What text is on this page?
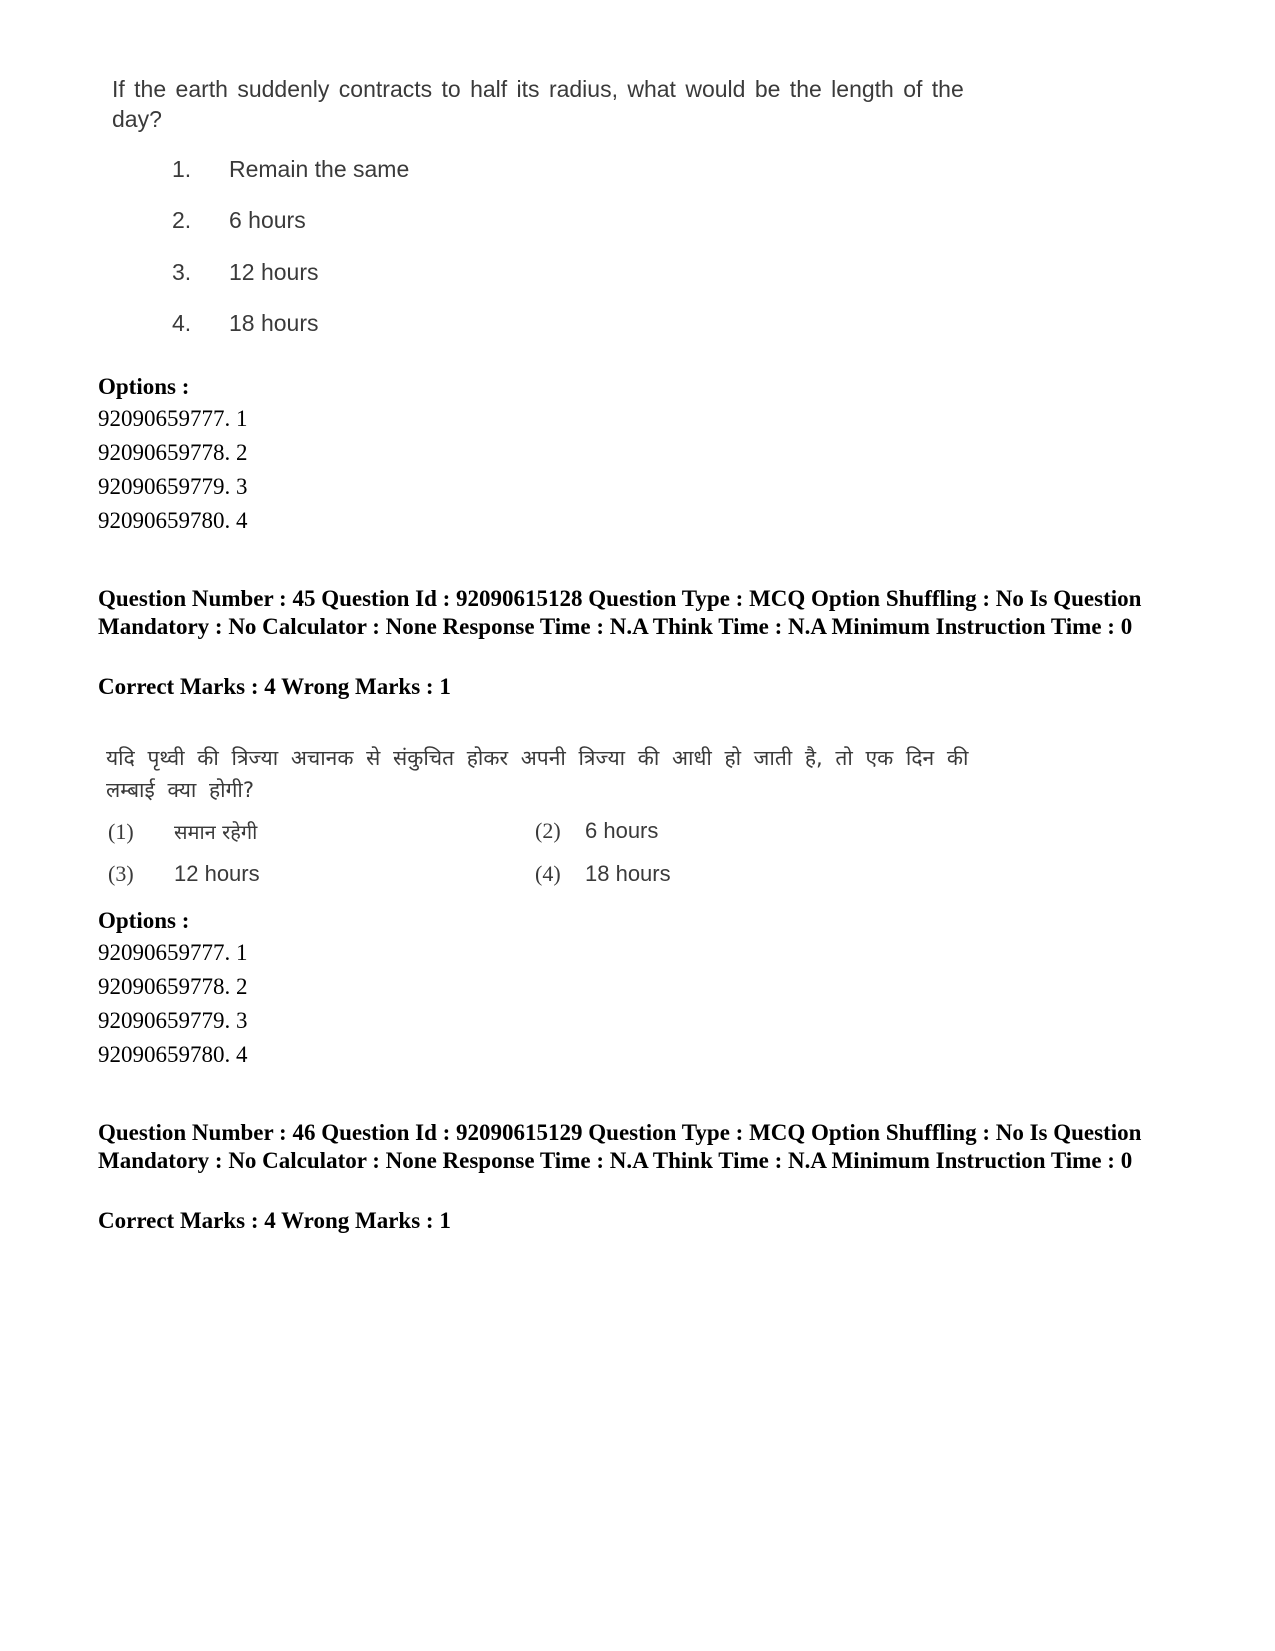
If the earth suddenly contracts to half its radius, what would be the length of the day?
1. Remain the same
2. 6 hours
3. 12 hours
4. 18 hours
Options :
92090659777. 1
92090659778. 2
92090659779. 3
92090659780. 4
Question Number : 45 Question Id : 92090615128 Question Type : MCQ Option Shuffling : No Is Question Mandatory : No Calculator : None Response Time : N.A Think Time : N.A Minimum Instruction Time : 0
Correct Marks : 4 Wrong Marks : 1
यदि पृथ्वी की त्रिज्या अचानक से संकुचित होकर अपनी त्रिज्या की आधी हो जाती है, तो एक दिन की लम्बाई क्या होगी?
(1) समान रहेगी	(2) 6 hours
(3) 12 hours	(4) 18 hours
Options :
92090659777. 1
92090659778. 2
92090659779. 3
92090659780. 4
Question Number : 46 Question Id : 92090615129 Question Type : MCQ Option Shuffling : No Is Question Mandatory : No Calculator : None Response Time : N.A Think Time : N.A Minimum Instruction Time : 0
Correct Marks : 4 Wrong Marks : 1
